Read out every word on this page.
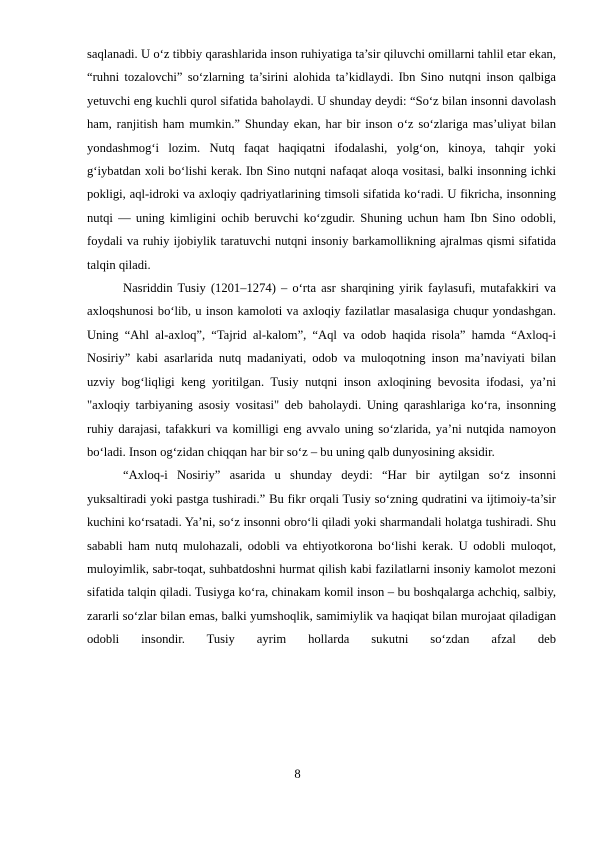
saqlanadi. U o‘z tibbiy qarashlarida inson ruhiyatiga ta’sir qiluvchi omillarni tahlil etar ekan, “ruhni tozalovchi” so‘zlarning ta’sirini alohida ta’kidlaydi. Ibn Sino nutqni inson qalbiga yetuvchi eng kuchli qurol sifatida baholaydi. U shunday deydi: “So‘z bilan insonni davolash ham, ranjitish ham mumkin.” Shunday ekan, har bir inson o‘z so‘zlariga mas’uliyat bilan yondashmog‘i lozim. Nutq faqat haqiqatni ifodalashi, yolg‘on, kinoya, tahqir yoki g‘iybatdan xoli bo‘lishi kerak. Ibn Sino nutqni nafaqat aloqa vositasi, balki insonning ichki pokligi, aql-idroki va axloqiy qadriyatlarining timsoli sifatida ko‘radi. U fikricha, insonning nutqi — uning kimligini ochib beruvchi ko‘zgudir. Shuning uchun ham Ibn Sino odobli, foydali va ruhiy ijobiylik taratuvchi nutqni insoniy barkamollikning ajralmas qismi sifatida talqin qiladi.

Nasriddin Tusiy (1201–1274) – o‘rta asr sharqining yirik faylasufi, mutafakkiri va axloqshunosi bo‘lib, u inson kamoloti va axloqiy fazilatlar masalasiga chuqur yondashgan. Uning “Ahl al-axloq”, “Tajrid al-kalom”, “Aql va odob haqida risola” hamda “Axloq-i Nosiriy” kabi asarlarida nutq madaniyati, odob va muloqotning inson ma’naviyati bilan uzviy bog‘liqligi keng yoritilgan. Tusiy nutqni inson axloqining bevosita ifodasi, ya’ni "axloqiy tarbiyaning asosiy vositasi" deb baholaydi. Uning qarashlariga ko‘ra, insonning ruhiy darajasi, tafakkuri va komilligi eng avvalo uning so‘zlarida, ya’ni nutqida namoyon bo‘ladi. Inson og‘zidan chiqqan har bir so‘z – bu uning qalb dunyosining aksidir.

“Axloq-i Nosiriy” asarida u shunday deydi: “Har bir aytilgan so‘z insonni yuksaltiradi yoki pastga tushiradi.” Bu fikr orqali Tusiy so‘zning qudratini va ijtimoiy-ta’sir kuchini ko‘rsatadi. Ya’ni, so‘z insonni obro‘li qiladi yoki sharmandali holatga tushiradi. Shu sababli ham nutq mulohazali, odobli va ehtiyotkorona bo‘lishi kerak. U odobli muloqot, muloyimlik, sabr-toqat, suhbatdoshni hurmat qilish kabi fazilatlarni insoniy kamolot mezoni sifatida talqin qiladi. Tusiyga ko‘ra, chinakam komil inson – bu boshqalarga achchiq, salbiy, zararli so‘zlar bilan emas, balki yumshoqlik, samimiylik va haqiqat bilan murojaat qiladigan odobli insondir. Tusiy ayrim hollarda sukutni so‘zdan afzal deb

8
